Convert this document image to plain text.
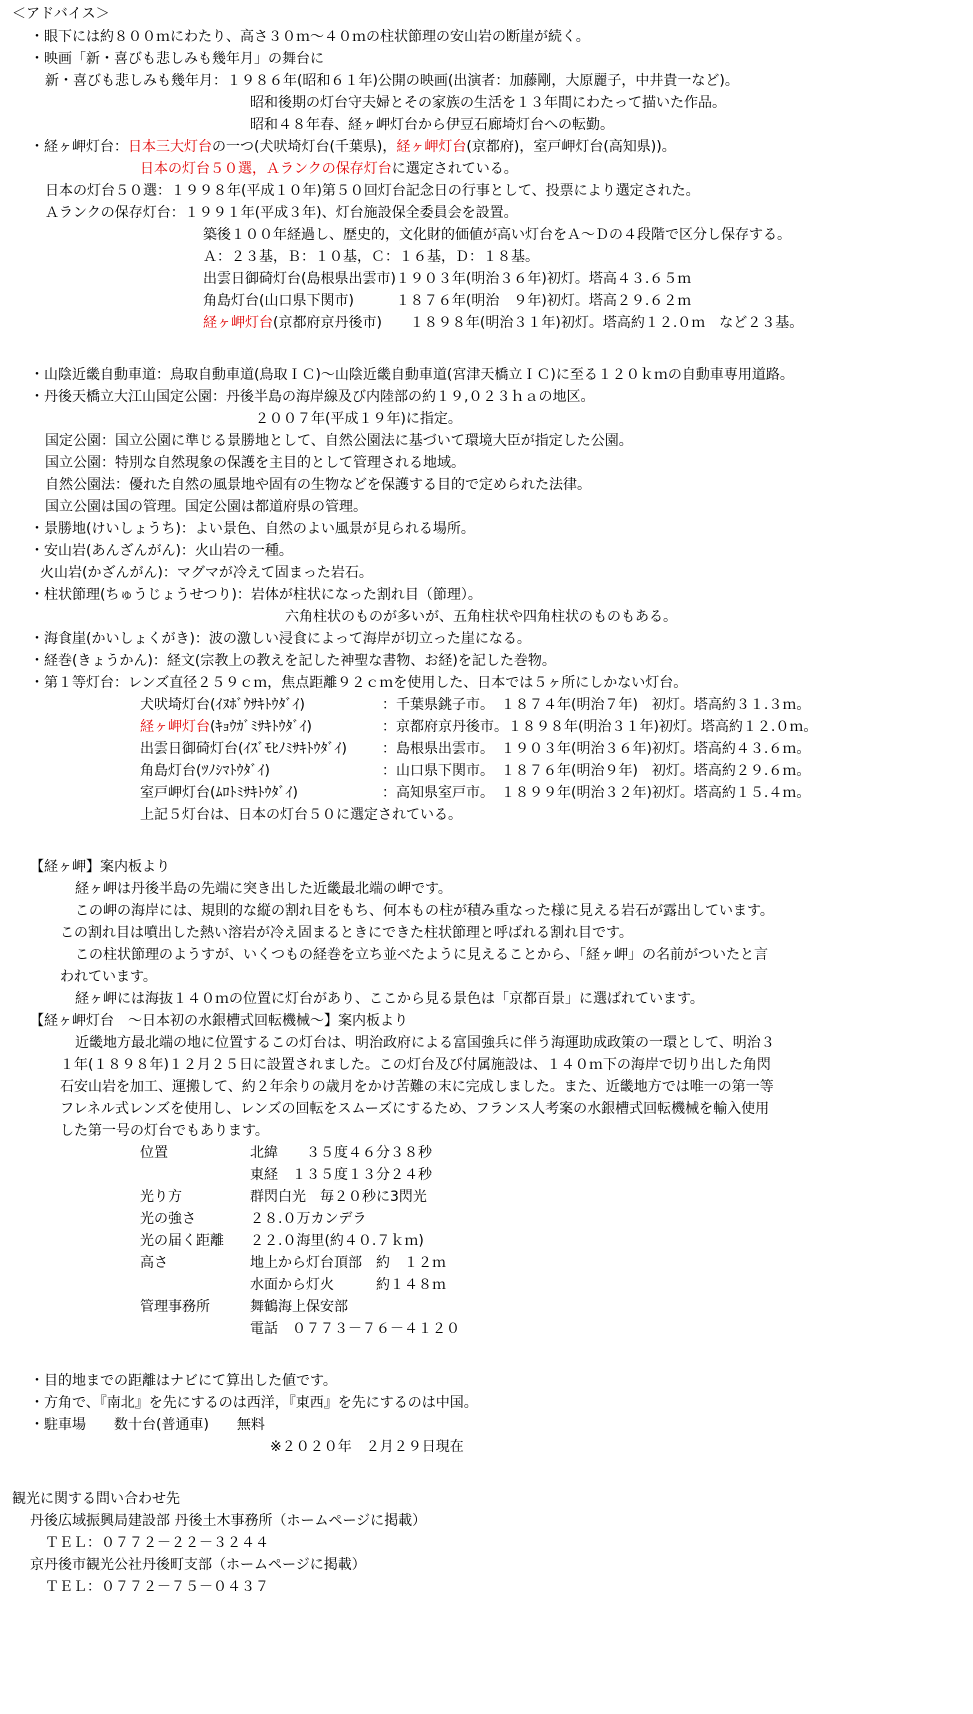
＜アドバイス＞
・眼下には約８００ｍにわたり、高さ３０ｍ～４０ｍの柱状節理の安山岩の断崖が続く。
・映画「新・喜びも悲しみも幾年月」の舞台に
新・喜びも悲しみも幾年月：１９８６年(昭和６１年)公開の映画(出演者：加藤剛，大原麗子，中井貴一など)。
昭和後期の灯台守夫婦とその家族の生活を１３年間にわたって描いた作品。
昭和４８年春、経ヶ岬灯台から伊豆石廊埼灯台への転勤。
・経ヶ岬灯台：日本三大灯台の一つ(犬吠埼灯台(千葉県)，経ヶ岬灯台(京都府)，室戸岬灯台(高知県))。
日本の灯台５０選，Ａランクの保存灯台に選定されている。
日本の灯台５０選：１９９８年(平成１０年)第５０回灯台記念日の行事として、投票により選定された。
Ａランクの保存灯台：１９９１年(平成３年)、灯台施設保全委員会を設置。
築後１００年経過し、歴史的，文化財的価値が高い灯台をＡ～Ｄの４段階で区分し保存する。
Ａ：２３基，Ｂ：１０基，Ｃ：１６基，Ｄ：１８基。
出雲日御碕灯台(島根県出雲市)１９０３年(明治３６年)初灯。塔高４３.６５ｍ
角島灯台(山口県下関市)　　　１８７６年(明治　９年)初灯。塔高２９.６２ｍ
経ヶ岬灯台(京都府京丹後市)　　１８９８年(明治３１年)初灯。塔高約１２.０ｍ　など２３基。
・山陰近畿自動車道：鳥取自動車道(鳥取ＩＣ)～山陰近畿自動車道(宮津天橋立ＩＣ)に至る１２０ｋｍの自動車専用道路。
・丹後天橋立大江山国定公園：丹後半島の海岸線及び内陸部の約１９,０２３ｈａの地区。
２００７年(平成１９年)に指定。
国定公園：国立公園に準じる景勝地として、自然公園法に基づいて環境大臣が指定した公園。
国立公園：特別な自然現象の保護を主目的として管理される地域。
自然公園法：優れた自然の風景地や固有の生物などを保護する目的で定められた法律。
国立公園は国の管理。国定公園は都道府県の管理。
・景勝地(けいしょうち)：よい景色、自然のよい風景が見られる場所。
・安山岩(あんざんがん)：火山岩の一種。
火山岩(かざんがん)：マグマが冷えて固まった岩石。
・柱状節理(ちゅうじょうせつり)：岩体が柱状になった割れ目（節理）。
六角柱状のものが多いが、五角柱状や四角柱状のものもある。
・海食崖(かいしょくがき)：波の激しい浸食によって海岸が切立った崖になる。
・経巻(きょうかん)：経文(宗教上の教えを記した神聖な書物、お経)を記した巻物。
・第１等灯台：レンズ直径２５９ｃｍ，焦点距離９２ｃｍを使用した、日本では５ヶ所にしかない灯台。
犬吠埼灯台(ｲﾇﾎﾞｳｻｷﾄｳﾀﾞｲ)	：千葉県銚子市。　１８７４年(明治７年)　初灯。塔高約３１.３ｍ。
経ヶ岬灯台(ｷｮｳｶﾞﾐｻｷﾄｳﾀﾞｲ)	：京都府京丹後市。１８９８年(明治３１年)初灯。塔高約１２.０ｍ。
出雲日御碕灯台(ｲｽﾞﾓﾋﾉﾐｻｷﾄｳﾀﾞｲ)	：島根県出雲市。　１９０３年(明治３６年)初灯。塔高約４３.６ｍ。
角島灯台(ﾂﾉｼﾏﾄｳﾀﾞｲ)	：山口県下関市。　１８７６年(明治９年)　初灯。塔高約２９.６ｍ。
室戸岬灯台(ﾑﾛﾄﾐｻｷﾄｳﾀﾞｲ)	：高知県室戸市。　１８９９年(明治３２年)初灯。塔高約１５.４ｍ。
上記５灯台は、日本の灯台５０に選定されている。
【経ヶ岬】案内板より
経ヶ岬は丹後半島の先端に突き出した近畿最北端の岬です。
この岬の海岸には、規則的な縦の割れ目をもち、何本もの柱が積み重なった様に見える岩石が露出しています。
この割れ目は噴出した熱い溶岩が冷え固まるときにできた柱状節理と呼ばれる割れ目です。
この柱状節理のようすが、いくつもの経巻を立ち並べたように見えることから、「経ヶ岬」の名前がついたと言
われています。
経ヶ岬には海抜１４０ｍの位置に灯台があり、ここから見る景色は「京都百景」に選ばれています。
【経ヶ岬灯台　～日本初の水銀槽式回転機械～】案内板より
近畿地方最北端の地に位置するこの灯台は、明治政府による富国強兵に伴う海運助成政策の一環として、明治３
１年(１８９８年)１２月２５日に設置されました。この灯台及び付属施設は、１４０ｍ下の海岸で切り出した角閃
石安山岩を加工、運搬して、約２年余りの歳月をかけ苦難の末に完成しました。また、近畿地方では唯一の第一等
フレネル式レンズを使用し、レンズの回転をスムーズにするため、フランス人考案の水銀槽式回転機械を輸入使用
した第一号の灯台でもあります。
位置	北緯　　３５度４６分３８秒
東経　１３５度１３分２４秒
光り方	群閃白光　毎２０秒に3閃光
光の強さ	２８.０万カンデラ
光の届く距離 ２２.０海里(約４０.７ｋｍ)
高さ	地上から灯台頂部　約　１２ｍ
水面から灯火　　　約１４８ｍ
管理事務所	舞鶴海上保安部
電話　０７７３－７６－４１２０
・目的地までの距離はナビにて算出した値です。
・方角で、『南北』を先にするのは西洋，『東西』を先にするのは中国。
・駐車場　　数十台(普通車)　　無料
※２０２０年　２月２９日現在
観光に関する問い合わせ先
丹後広域振興局建設部 丹後土木事務所（ホームページに掲載）
ＴＥＬ：０７７２－２２－３２４４
京丹後市観光公社丹後町支部（ホームページに掲載）
ＴＥＬ：０７７２－７５－０４３７
